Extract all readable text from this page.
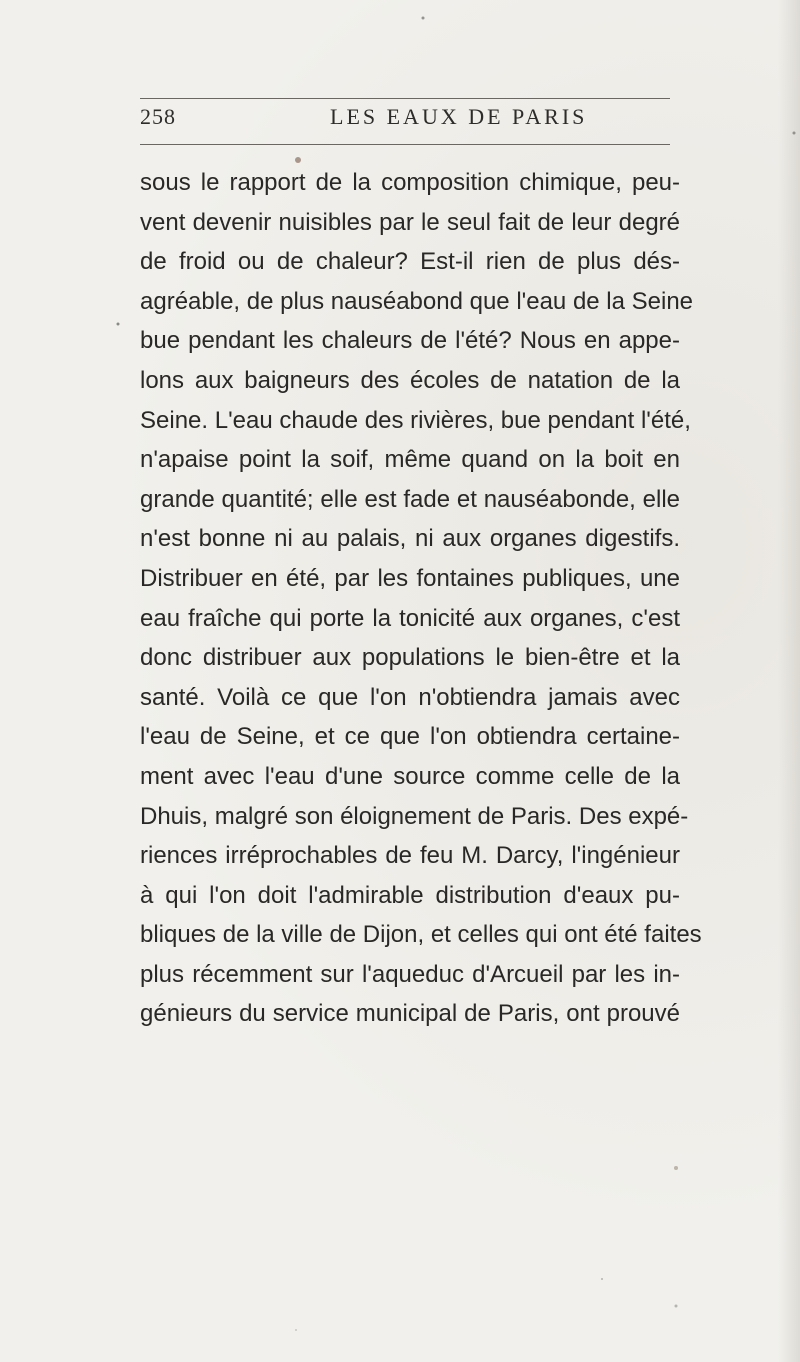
258	LES EAUX DE PARIS
sous le rapport de la composition chimique, peu-
vent devenir nuisibles par le seul fait de leur degré
de froid ou de chaleur? Est-il rien de plus dés-
agréable, de plus nauséabond que l'eau de la Seine
bue pendant les chaleurs de l'été? Nous en appe-
lons aux baigneurs des écoles de natation de la
Seine. L'eau chaude des rivières, bue pendant l'été,
n'apaise point la soif, même quand on la boit en
grande quantité; elle est fade et nauséabonde, elle
n'est bonne ni au palais, ni aux organes digestifs.
Distribuer en été, par les fontaines publiques, une
eau fraîche qui porte la tonicité aux organes, c'est
donc distribuer aux populations le bien-être et la
santé. Voilà ce que l'on n'obtiendra jamais avec
l'eau de Seine, et ce que l'on obtiendra certaine-
ment avec l'eau d'une source comme celle de la
Dhuis, malgré son éloignement de Paris. Des expé-
riences irréprochables de feu M. Darcy, l'ingénieur
à qui l'on doit l'admirable distribution d'eaux pu-
bliques de la ville de Dijon, et celles qui ont été faites
plus récemment sur l'aqueduc d'Arcueil par les in-
génieurs du service municipal de Paris, ont prouvé
